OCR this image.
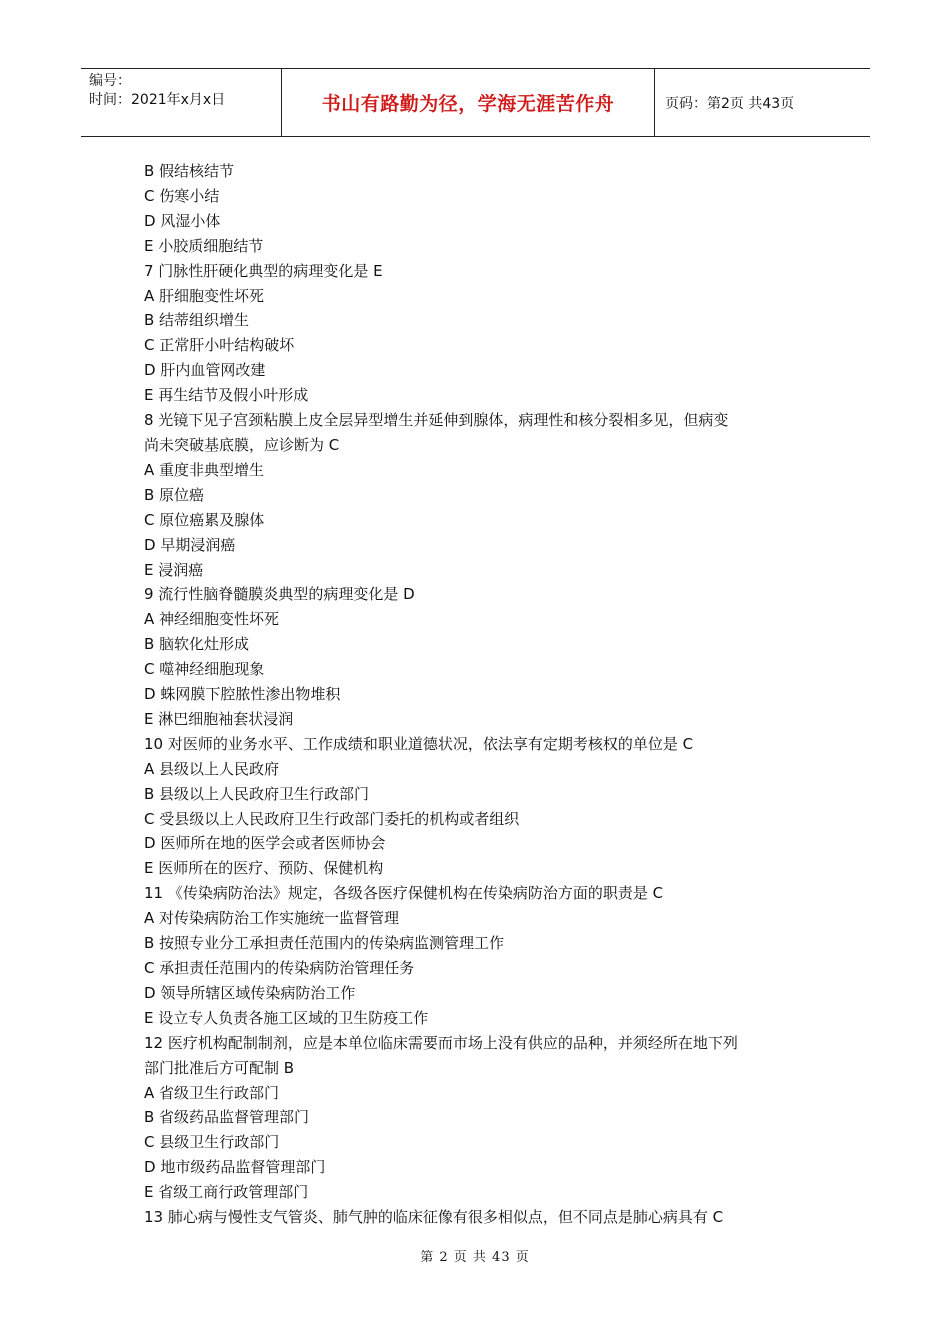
编号：
时间：2021年x月x日	书山有路勤为径，学海无涯苦作舟	页码：第2页 共43页
B 假结核结节
C 伤寒小结
D 风湿小体
E 小胶质细胞结节
7 门脉性肝硬化典型的病理变化是 E
A 肝细胞变性坏死
B 结蒂组织增生
C 正常肝小叶结构破坏
D 肝内血管网改建
E 再生结节及假小叶形成
8 光镜下见子宫颈粘膜上皮全层异型增生并延伸到腺体，病理性和核分裂相多见，但病变
尚未突破基底膜，应诊断为 C
A 重度非典型增生
B 原位癌
C 原位癌累及腺体
D 早期浸润癌
E 浸润癌
9 流行性脑脊髓膜炎典型的病理变化是 D
A 神经细胞变性坏死
B 脑软化灶形成
C 噬神经细胞现象
D 蛛网膜下腔脓性渗出物堆积
E 淋巴细胞袖套状浸润
10 对医师的业务水平、工作成绩和职业道德状况，依法享有定期考核权的单位是 C
A 县级以上人民政府
B 县级以上人民政府卫生行政部门
C 受县级以上人民政府卫生行政部门委托的机构或者组织
D 医师所在地的医学会或者医师协会
E 医师所在的医疗、预防、保健机构
11 《传染病防治法》规定，各级各医疗保健机构在传染病防治方面的职责是 C
A 对传染病防治工作实施统一监督管理
B 按照专业分工承担责任范围内的传染病监测管理工作
C 承担责任范围内的传染病防治管理任务
D 领导所辖区域传染病防治工作
E 设立专人负责各施工区域的卫生防疫工作
12 医疗机构配制制剂，应是本单位临床需要而市场上没有供应的品种，并须经所在地下列
部门批准后方可配制 B
A 省级卫生行政部门
B 省级药品监督管理部门
C 县级卫生行政部门
D 地市级药品监督管理部门
E 省级工商行政管理部门
13 肺心病与慢性支气管炎、肺气肿的临床征像有很多相似点，但不同点是肺心病具有 C
第 2 页 共 43 页
